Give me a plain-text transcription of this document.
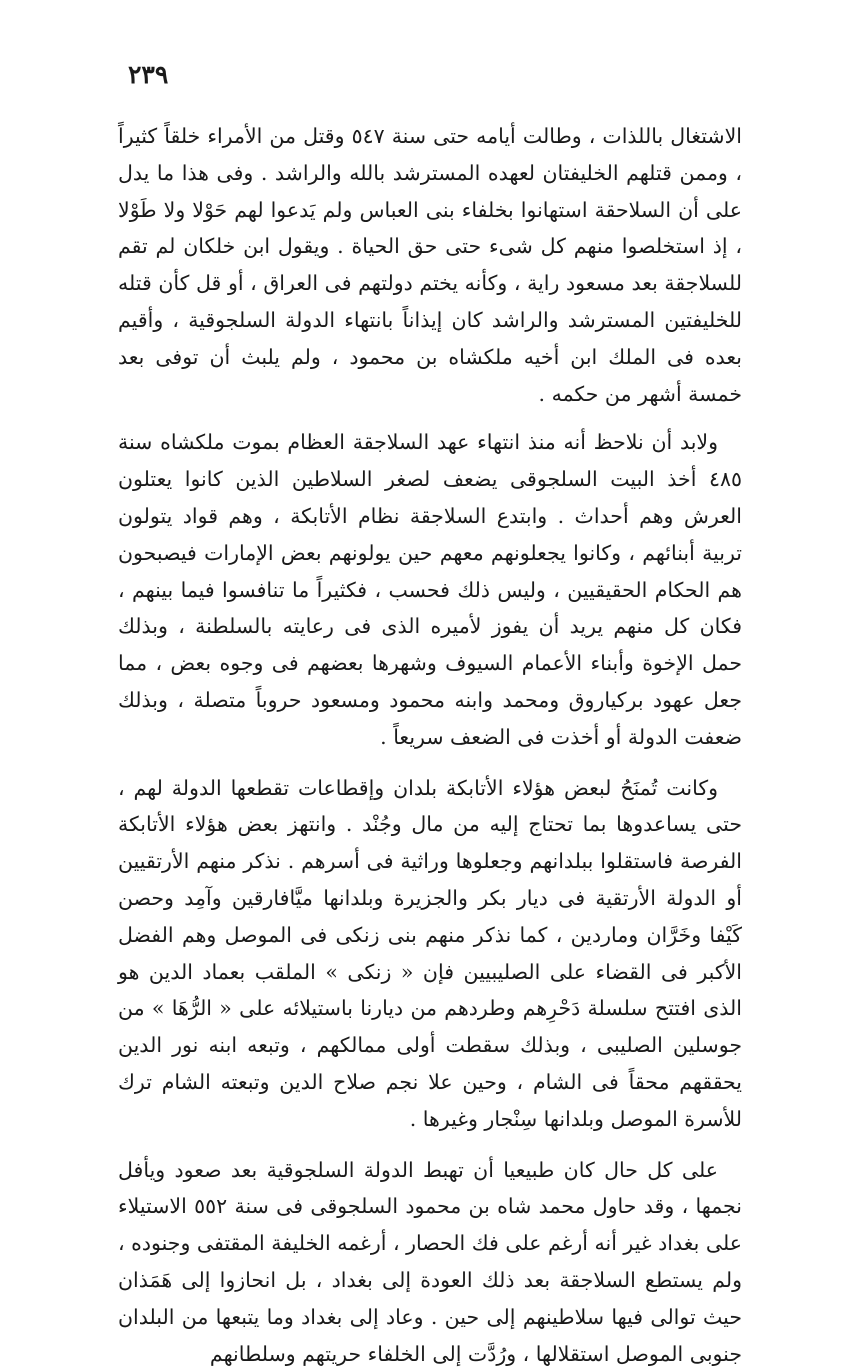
٢٣٩

الاشتغال باللذات ، وطالت أيامه حتى سنة ٥٤٧ وقتل من الأمراء خلقاً كثيراً ، وممن قتلهم الخليفتان لعهده المسترشد بالله والراشد . وفى هذا ما يدل على أن السلاحقة استهانوا بخلفاء بنى العباس ولم يَدعوا لهم حَوْلا ولا طَوْلا ، إذ استخلصوا منهم كل شىء حتى حق الحياة . ويقول ابن خلكان لم تقم للسلاجقة بعد مسعود راية ، وكأنه يختم دولتهم فى العراق ، أو قل كأن قتله للخليفتين المسترشد والراشد كان إيذاناً بانتهاء الدولة السلجوقية ، وأقيم بعده فى الملك ابن أخيه ملكشاه بن محمود ، ولم يلبث أن توفى بعد خمسة أشهر من حكمه .

ولابد أن نلاحظ أنه منذ انتهاء عهد السلاجقة العظام بموت ملكشاه سنة ٤٨٥ أخذ البيت السلجوقى يضعف لصغر السلاطين الذين كانوا يعتلون العرش وهم أحداث . وابتدع السلاجقة نظام الأتابكة ، وهم قواد يتولون تربية أبنائهم ، وكانوا يجعلونهم معهم حين يولونهم بعض الإمارات فيصبحون هم الحكام الحقيقيين ، وليس ذلك فحسب ، فكثيراً ما تنافسوا فيما بينهم ، فكان كل منهم يريد أن يفوز لأميره الذى فى رعايته بالسلطنة ، وبذلك حمل الإخوة وأبناء الأعمام السيوف وشهرها بعضهم فى وجوه بعض ، مما جعل عهود بركياروق ومحمد وابنه محمود ومسعود حروباً متصلة ، وبذلك ضعفت الدولة أو أخذت فى الضعف سريعاً .

وكانت تُمنَحُ لبعض هؤلاء الأتابكة بلدان وإقطاعات تقطعها الدولة لهم ، حتى يساعدوها بما تحتاج إليه من مال وجُنْد . وانتهز بعض هؤلاء الأتابكة الفرصة فاستقلوا ببلدانهم وجعلوها وراثية فى أسرهم . نذكر منهم الأرتقيين أو الدولة الأرتقية فى ديار بكر والجزيرة وبلدانها ميَّافارقين وآمِد وحصن كَيْفا وخَرَّان وماردين ، كما نذكر منهم بنى زنكى فى الموصل وهم الفضل الأكبر فى القضاء على الصليبيين فإن « زنكى » الملقب بعماد الدين هو الذى افتتح سلسلة دَحْرِهم وطردهم من ديارنا باستيلائه على « الرُّهَا » من جوسلين الصليبى ، وبذلك سقطت أولى ممالكهم ، وتبعه ابنه نور الدين يحققهم محقاً فى الشام ، وحين علا نجم صلاح الدين وتبعته الشام ترك للأسرة الموصل وبلدانها سِنْجار وغيرها .

على كل حال كان طبيعيا أن تهبط الدولة السلجوقية بعد صعود ويأفل نجمها ، وقد حاول محمد شاه بن محمود السلجوقى فى سنة ٥٥٢ الاستيلاء على بغداد غير أنه أرغم على فك الحصار ، أرغمه الخليفة المقتفى وجنوده ، ولم يستطع السلاجقة بعد ذلك العودة إلى بغداد ، بل انحازوا إلى هَمَذان حيث توالى فيها سلاطينهم إلى حين . وعاد إلى بغداد وما يتبعها من البلدان جنوبى الموصل استقلالها ، ورُدَّت إلى الخلفاء حريتهم وسلطانهم
